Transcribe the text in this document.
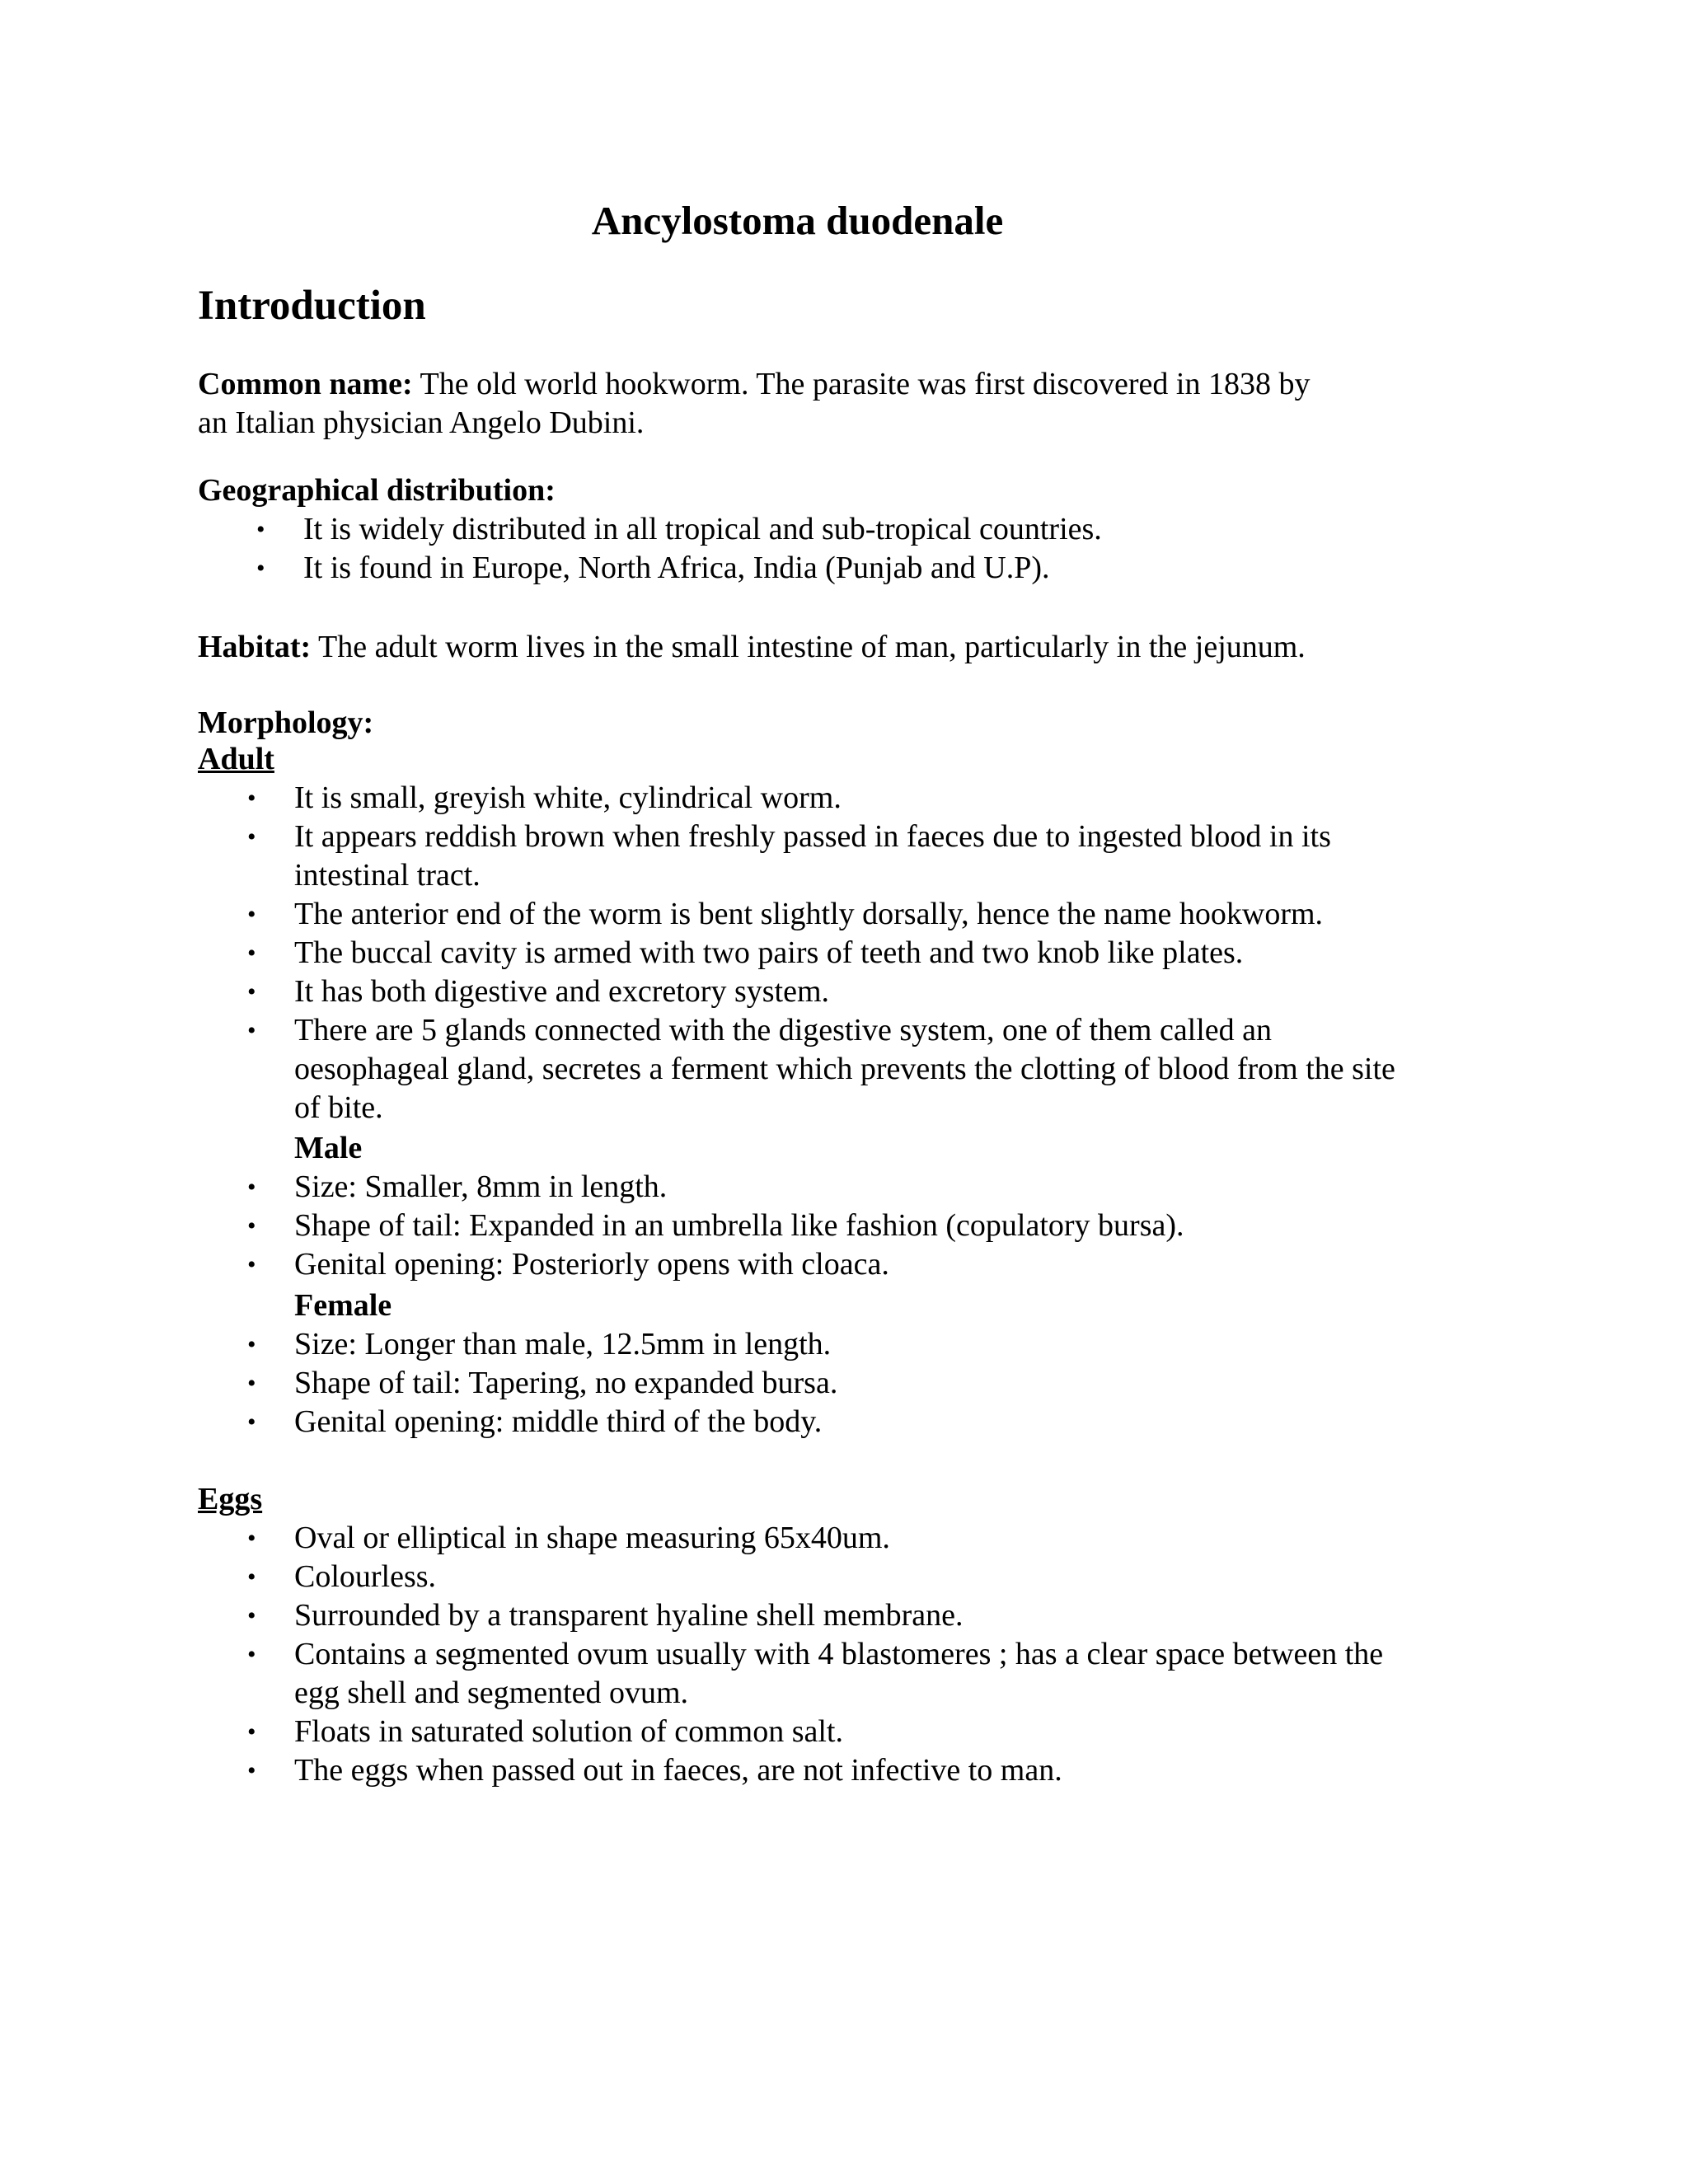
Ancylostoma duodenale
Introduction

Common name: The old world hookworm. The parasite was first discovered in 1838 by
an Italian physician Angelo Dubini.

Geographical distribution:

• It is widely distributed in all tropical and sub-tropical countries.
• It is found in Europe, North Africa, India (Punjab and U.P).

Habitat: The adult worm lives in the small intestine of man, particularly in the jejunum.

Morphology:

Adult

• It is small, greyish white, cylindrical worm.
• It appears reddish brown when freshly passed in faeces due to ingested blood in its
intestinal tract.
• The anterior end of the worm is bent slightly dorsally, hence the name hookworm.
• The buccal cavity is armed with two pairs of teeth and two knob like plates.
• It has both digestive and excretory system.
• There are 5 glands connected with the digestive system, one of them called an
oesophageal gland, secretes a ferment which prevents the clotting of blood from the site
of bite.

Male

• Size: Smaller, 8mm in length.
• Shape of tail: Expanded in an umbrella like fashion (copulatory bursa).
• Genital opening: Posteriorly opens with cloaca.

Female

• Size: Longer than male, 12.5mm in length.
• Shape of tail: Tapering, no expanded bursa.
• Genital opening: middle third of the body.

Eggs

• Oval or elliptical in shape measuring 65x40um.
• Colourless.
• Surrounded by a transparent hyaline shell membrane.
• Contains a segmented ovum usually with 4 blastomeres ; has a clear space between the
egg shell and segmented ovum.
• Floats in saturated solution of common salt.
• The eggs when passed out in faeces, are not infective to man.
